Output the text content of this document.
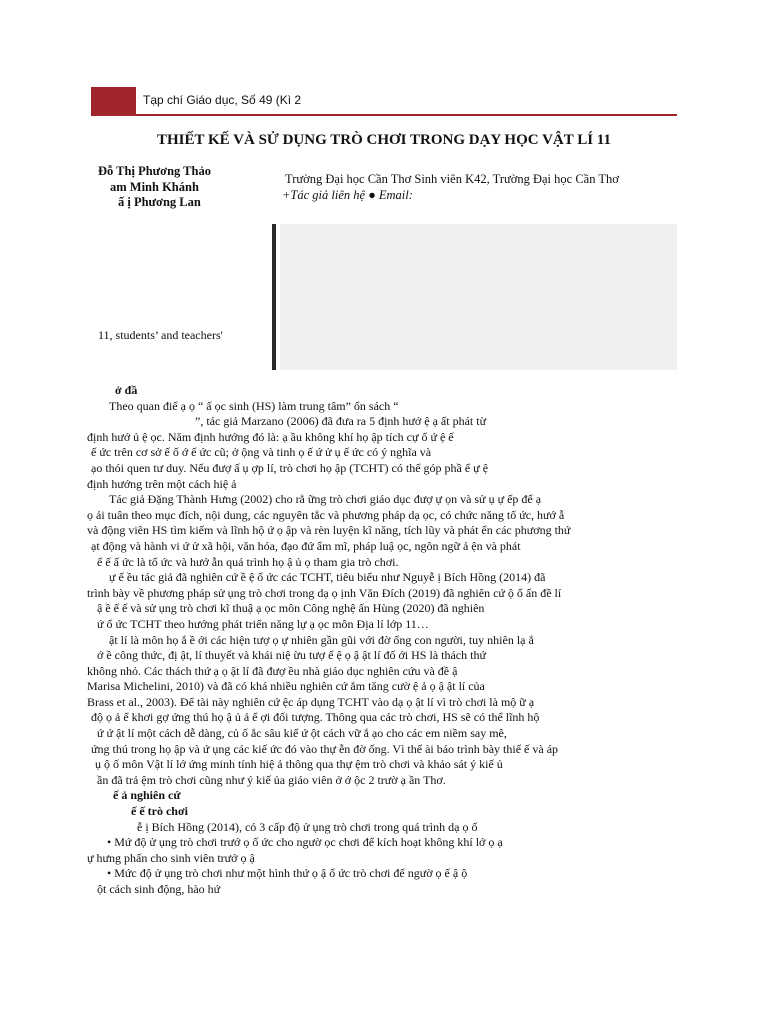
Tạp chí Giáo dục, Số 49 (Kì 2
THIẾT KẾ VÀ SỬ DỤNG TRÒ CHƠI TRONG DẠY HỌC VẬT LÍ 11
Đỗ Thị Phương Thảo
am Minh Khánh
ấ ị Phương Lan
Trường Đại học Cần Thơ Sinh viên K42, Trường Đại học Cần Thơ
+Tác giả liên hệ ● Email:
11, students’ and teachers'

ở đầ

Theo quan điể ạ ọ “ ấ ọc sinh (HS) làm trung tâm” ổn sách “

”, tác giả Marzano (2006) đã đưa ra 5 định hướ ệ ạ ất phát từ

định hướ ủ ệ ọc. Năm định hướng đó là: ạ ầu không khí họ ập tích cự ổ ứ ệ ế

ế ức trên cơ sở ế ố ớ ế ức cũ; ở ộng và tinh ọ ế ứ ử ụ ế ức có ý nghĩa và

ạo thói quen tư duy. Nếu đượ ấ ụ ợp lí, trò chơi họ ập (TCHT) có thể góp phầ ể ự ệ

định hướng trên một cách hiệ ả

Tác giả Đặng Thành Hưng (2002) cho rằ ững trò chơi giáo dục đượ ự ọn và sử ụ ự ếp để ạ

ọ ải tuân theo mục đích, nội dung, các nguyên tắc và phương pháp dạ ọc, có chức năng tổ ức, hướ ẫ

và động viên HS tìm kiếm và lĩnh hộ ứ ọ ập và rèn luyện kĩ năng, tích lũy và phát ển các phương thứ

ạt động và hành vi ứ ử xã hội, văn hóa, đạo đứ ẩm mĩ, pháp luậ ọc, ngôn ngữ ả ện và phát

ể ế ấ ức là tổ ức và hướ ẫn quá trình họ ậ ủ ọ tham gia trò chơi.

ự ế ều tác giả đã nghiên cứ ề ệ ố ức các TCHT, tiêu biểu như Nguyễ ị Bích Hồng (2014) đã

trình bày về phương pháp sử ụng trò chơi trong dạ ọ ịnh Văn Đích (2019) đã nghiên cứ ộ ố ấn đề lí

ậ ề ế ế và sử ụng trò chơi kĩ thuậ ạ ọc môn Công nghệ ấn Hùng (2020) đã nghiên

ứ ổ ức TCHT theo hướng phát triển năng lự ạ ọc môn Địa lí lớp 11…

ật lí là môn họ ắ ề ới các hiện tượ ọ ự nhiên gần gũi với đờ ống con người, tuy nhiên lạ ắ

ớ ề công thức, đị ật, lí thuyết và khái niệ ừu tượ ế ệ ọ ậ ật lí đố ới HS là thách thứ

không nhỏ. Các thách thứ ạ ọ ật lí đã đượ ều nhà giáo dục nghiên cứu và đề ậ

Marisa Michelini, 2010) và đã có khá nhiều nghiên cứ ẳm tăng cườ ệ ả ọ ậ ật lí của

Brass et al., 2003). Để tài này nghiên cứ ệc áp dụng TCHT vào dạ ọ ật lí vì trò chơi là mộ ữ ạ

độ ọ ả ể khơi gợ ứng thú họ ậ ủ ả ể ợi đối tượng. Thông qua các trò chơi, HS sẽ có thể lĩnh hộ

ứ ứ ật lí một cách dễ dàng, củ ố ắc sâu kiế ứ ột cách vữ ắ ạo cho các em niềm say mê,

ứng thú trong họ ập và ứ ụng các kiế ức đó vào thự ễn đờ ống. Vì thế ài báo trình bày thiế ế và áp

ụ ộ ố môn Vật lí lớ ứng minh tính hiệ ả thông qua thự ệm trò chơi và khảo sát ý kiế ủ

ần đã trả ệm trò chơi cũng như ý kiế ủa giáo viên ở ớ ộc 2 trườ ạ ần Thơ.

ế ả nghiên cứ

ế ế trò chơi

ễ ị Bích Hồng (2014), có 3 cấp độ ử ụng trò chơi trong quá trình dạ ọ ố

• Mứ độ ử ụng trò chơi trướ ọ ố ức cho ngườ ọc chơi để kích hoạt không khí lớ ọ ạ

ự hưng phấn cho sinh viên trướ ọ ậ

• Mức độ ử ụng trò chơi như một hình thứ ọ ậ ố ức trò chơi để ngườ ọ ế ậ ộ

ột cách sinh động, hào hứ
